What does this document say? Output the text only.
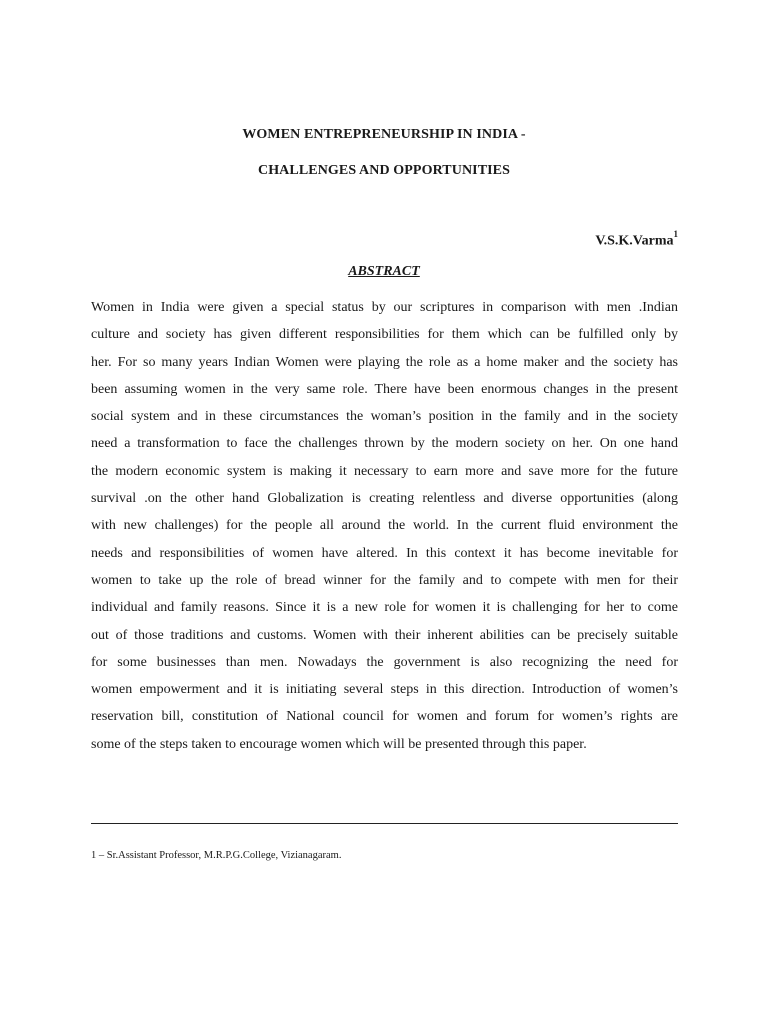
WOMEN ENTREPRENEURSHIP IN INDIA -
CHALLENGES AND OPPORTUNITIES
V.S.K.Varma$^1$
ABSTRACT

Women in India were given a special status by our scriptures in comparison with men .Indian
culture and society has given different responsibilities for them which can be fulfilled only by
her. For so many years Indian Women were playing the role as a home maker and the society has
been assuming women in the very same role. There have been enormous changes in the present
social system and in these circumstances the woman’s position in the family and in the society
need a transformation to face the challenges thrown by the modern society on her. On one hand
the modern economic system is making it necessary to earn more and save more for the future
survival .on the other hand Globalization is creating relentless and diverse opportunities (along
with new challenges) for the people all around the world. In the current fluid environment the
needs and responsibilities of women have altered. In this context it has become inevitable for
women to take up the role of bread winner for the family and to compete with men for their
individual and family reasons. Since it is a new role for women it is challenging for her to come
out of those traditions and customs. Women with their inherent abilities can be precisely suitable
for some businesses than men. Nowadays the government is also recognizing the need for
women empowerment and it is initiating several steps in this direction. Introduction of women’s
reservation bill, constitution of National council for women and forum for women’s rights are
some of the steps taken to encourage women which will be presented through this paper.

1 – Sr.Assistant Professor, M.R.P.G.College, Vizianagaram.
